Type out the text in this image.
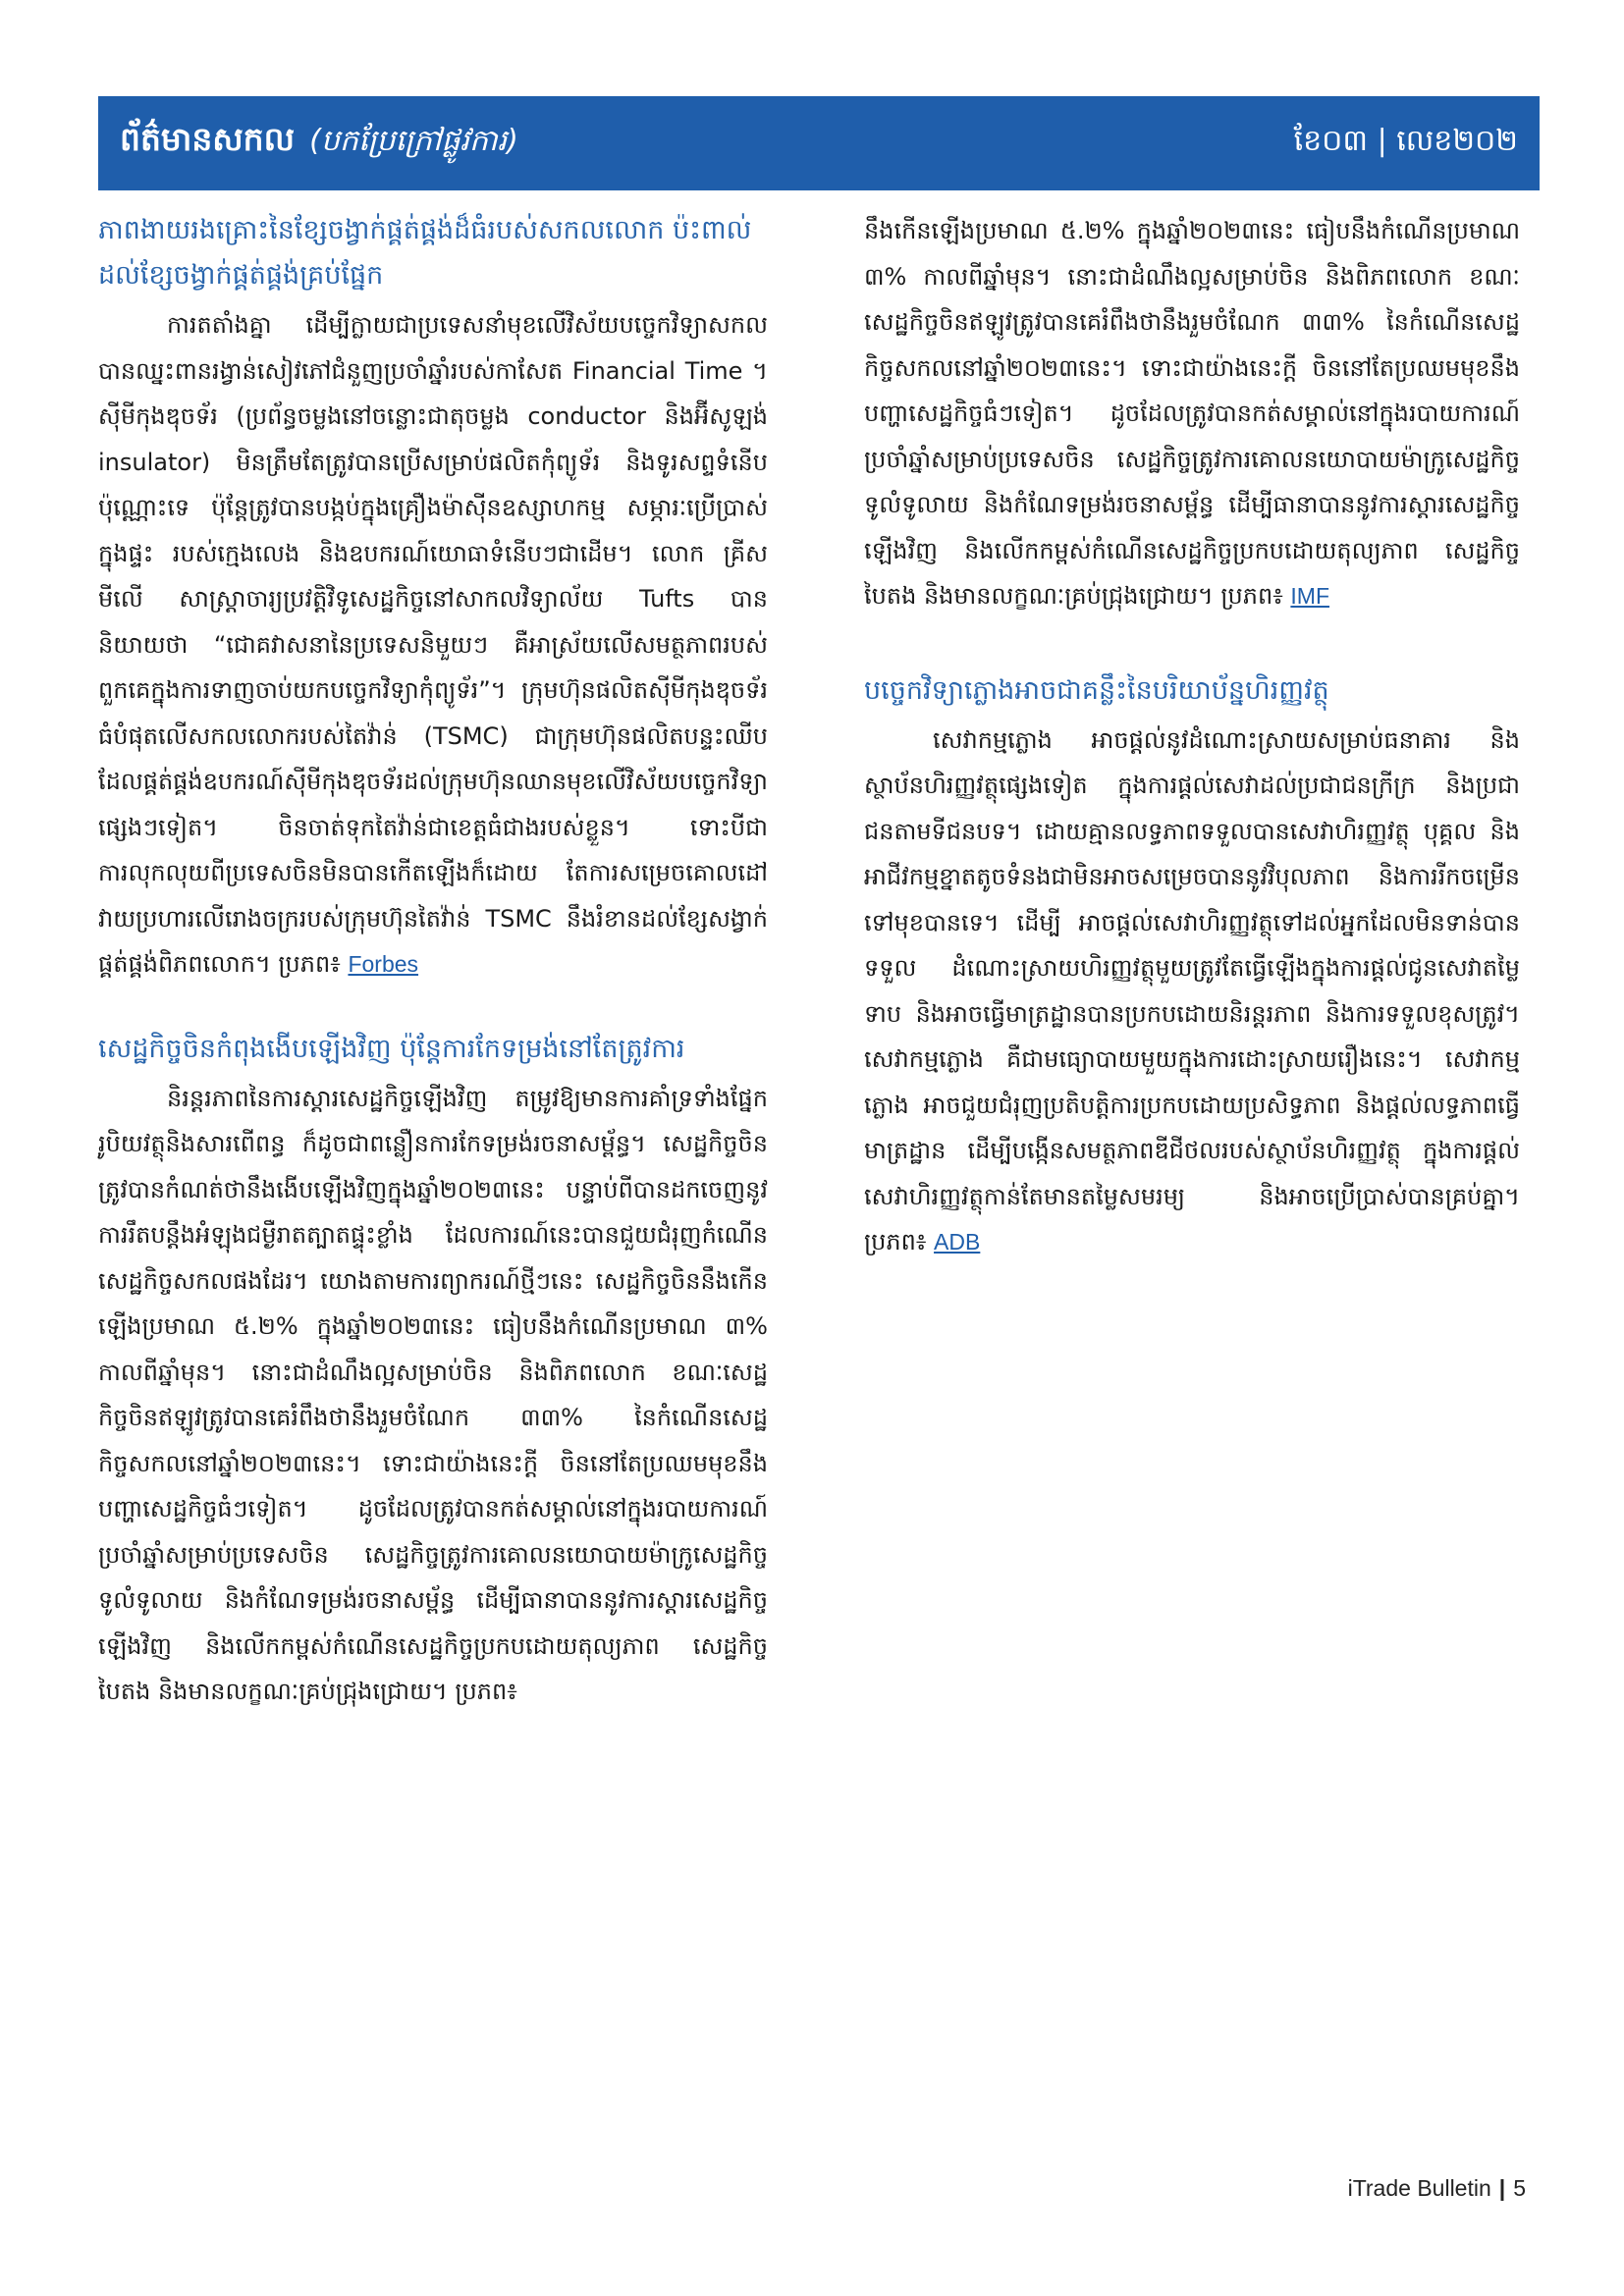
ព័ត៌មានសកល (បកប្រែក្រៅផ្លូវការ)	ខែ០៣ | លេខ២០២
ភាពងាយរងគ្រោះនៃខ្សែចង្វាក់ផ្គត់ផ្គង់ដ៏ធំរបស់សកលលោក ប៉ះពាល់ដល់ខ្សែចង្វាក់ផ្គត់ផ្គង់គ្រប់ផ្នែក

ការតតាំងគ្នា ដើម្បីក្លាយជាប្រទេសនាំមុខលើវិស័យបច្ចេកវិទ្យាសកល បានឈ្នះពានរង្វាន់សៀវភៅជំនួញប្រចាំឆ្នាំរបស់កាសែត Financial Time ។ ស៊ីមីកុងឌុចទ័រ (ប្រព័ន្ធចម្លងនៅចន្លោះជាតុចម្លង conductor និងអ៊ីសូឡង់ insulator) មិនត្រឹមតែត្រូវបានប្រើសម្រាប់ផលិតកុំព្យូទ័រ និងទូរសព្ទទំនើបប៉ុណ្ណោះទេ ប៉ុន្តែត្រូវបានបង្កប់ក្នុងគ្រឿងម៉ាស៊ីនឧស្សាហកម្ម សម្ភារៈប្រើប្រាស់ក្នុងផ្ទះ របស់ក្មេងលេង និងឧបករណ៍យោធាទំនើបៗជាដើម។ លោក គ្រីស មីលើ សាស្ត្រាចារ្យប្រវត្តិវិទូសេដ្ឋកិច្ចនៅសាកលវិទ្យាល័យ Tufts បាននិយាយថា “ជោគវាសនានៃប្រទេសនិមួយៗ គឺអាស្រ័យលើសមត្ថភាពរបស់ពួកគេក្នុងការទាញចាប់យកបច្ចេកវិទ្យាកុំព្យូទ័រ”។ ក្រុមហ៊ុនផលិតស៊ីមីកុងឌុចទ័រធំបំផុតលើសកលលោករបស់តៃវ៉ាន់ (TSMC) ជាក្រុមហ៊ុនផលិតបន្ទះឈីប ដែលផ្គត់ផ្គង់ឧបករណ៍ស៊ីមីកុងឌុចទ័រដល់ក្រុមហ៊ុនឈានមុខលើវិស័យបច្ចេកវិទ្យាផ្សេងៗទៀត។ ចិនចាត់ទុកតៃវ៉ាន់ជាខេត្តធំជាងរបស់ខ្លួន។ ទោះបីជាការលុកលុយពីប្រទេសចិនមិនបានកើតឡើងក៏ដោយ តែការសម្រេចគោលដៅវាយប្រហារលើរោងចក្ររបស់ក្រុមហ៊ុនតៃវ៉ាន់ TSMC នឹងរំខានដល់ខ្សែសង្វាក់ផ្គត់ផ្គង់ពិភពលោក។ ប្រភព៖ Forbes

សេដ្ឋកិច្ចចិនកំពុងងើបឡើងវិញ ប៉ុន្តែការកែទម្រង់នៅតែត្រូវការ

និរន្តរភាពនៃការស្តារសេដ្ឋកិច្ចឡើងវិញ តម្រូវឱ្យមានការគាំទ្រទាំងផ្នែករូបិយវត្ថុនិងសារពើពន្ធ ក៏ដូចជាពន្លឿនការកែទម្រង់រចនាសម្ព័ន្ធ។ សេដ្ឋកិច្ចចិនត្រូវបានកំណត់ថានឹងងើបឡើងវិញក្នុងឆ្នាំ២០២៣នេះ បន្ទាប់ពីបានដកចេញនូវការរឹតបន្តឹងអំឡុងជម្ងឺរាតត្បាតផ្ទុះខ្លាំង ដែលការណ៍នេះបានជួយជំរុញកំណើនសេដ្ឋកិច្ចសកលផងដែរ។ យោងតាមការព្យាករណ៍ថ្មីៗនេះ សេដ្ឋកិច្ចចិននឹងកើនឡើងប្រមាណ ៥.២% ក្នុងឆ្នាំ២០២៣នេះ ធៀបនឹងកំណើនប្រមាណ ៣% កាលពីឆ្នាំមុន។ នោះជាដំណឹងល្អសម្រាប់ចិន និងពិភពលោក ខណៈសេដ្ឋកិច្ចចិនឥឡូវត្រូវបានគេរំពឹងថានឹងរួមចំណែក ៣៣% នៃកំណើនសេដ្ឋកិច្ចសកលនៅឆ្នាំ២០២៣នេះ។ ទោះជាយ៉ាងនេះក្តី ចិននៅតែប្រឈមមុខនឹងបញ្ហាសេដ្ឋកិច្ចធំៗទៀត។ ដូចដែលត្រូវបានកត់សម្គាល់នៅក្នុងរបាយការណ៍ប្រចាំឆ្នាំសម្រាប់ប្រទេសចិន សេដ្ឋកិច្ចត្រូវការគោលនយោបាយម៉ាក្រូសេដ្ឋកិច្ចទូលំទូលាយ និងកំណែទម្រង់រចនាសម្ព័ន្ធ ដើម្បីធានាបាននូវការស្តារសេដ្ឋកិច្ចឡើងវិញ និងលើកកម្ពស់កំណើនសេដ្ឋកិច្ចប្រកបដោយតុល្យភាព សេដ្ឋកិច្ចបៃតង និងមានលក្ខណៈគ្រប់ជ្រុងជ្រោយ។ ប្រភព៖

នឹងកើនឡើងប្រមាណ ៥.២% ក្នុងឆ្នាំ២០២៣នេះ ធៀបនឹងកំណើនប្រមាណ ៣% កាលពីឆ្នាំមុន។ នោះជាដំណឹងល្អសម្រាប់ចិន និងពិភពលោក ខណៈសេដ្ឋកិច្ចចិនឥឡូវត្រូវបានគេរំពឹងថានឹងរួមចំណែក ៣៣% នៃកំណើនសេដ្ឋកិច្ចសកលនៅឆ្នាំ២០២៣នេះ។ ទោះជាយ៉ាងនេះក្តី ចិននៅតែប្រឈមមុខនឹងបញ្ហាសេដ្ឋកិច្ចធំៗទៀត។ ដូចដែលត្រូវបានកត់សម្គាល់នៅក្នុងរបាយការណ៍ប្រចាំឆ្នាំសម្រាប់ប្រទេសចិន សេដ្ឋកិច្ចត្រូវការគោលនយោបាយម៉ាក្រូសេដ្ឋកិច្ចទូលំទូលាយ និងកំណែទម្រង់រចនាសម្ព័ន្ធ ដើម្បីធានាបាននូវការស្តារសេដ្ឋកិច្ចឡើងវិញ និងលើកកម្ពស់កំណើនសេដ្ឋកិច្ចប្រកបដោយតុល្យភាព សេដ្ឋកិច្ចបៃតង និងមានលក្ខណៈគ្រប់ជ្រុងជ្រោយ។ ប្រភព៖ IMF

បច្ចេកវិទ្យាភ្លោងអាចជាគន្លឹះនៃបរិយាប័ន្នហិរញ្ញវត្ថុ

សេវាកម្មភ្លោង អាចផ្តល់នូវដំណោះស្រាយសម្រាប់ធនាគារ និងស្ថាប័នហិរញ្ញវត្ថុផ្សេងទៀត ក្នុងការផ្តល់សេវាដល់ប្រជាជនក្រីក្រ និងប្រជាជនតាមទីជនបទ។ ដោយគ្មានលទ្ធភាពទទួលបានសេវាហិរញ្ញវត្ថុ បុគ្គល និងអាជីវកម្មខ្នាតតូចទំនងជាមិនអាចសម្រេចបាននូវវិបុលភាព និងការរីកចម្រើនទៅមុខបានទេ។ ដើម្បី អាចផ្តល់សេវាហិរញ្ញវត្ថុទៅដល់អ្នកដែលមិនទាន់បានទទួល ដំណោះស្រាយហិរញ្ញវត្ថុមួយត្រូវតែធ្វើឡើងក្នុងការផ្តល់ជូនសេវាតម្លៃទាប និងអាចធ្វើមាត្រដ្ឋានបានប្រកបដោយនិរន្តរភាព និងការទទួលខុសត្រូវ។ សេវាកម្មភ្លោង គឺជាមធ្យោបាយមួយក្នុងការដោះស្រាយរឿងនេះ។ សេវាកម្មភ្លោង អាចជួយជំរុញប្រតិបត្តិការប្រកបដោយប្រសិទ្ធភាព និងផ្តល់លទ្ធភាពធ្វើមាត្រដ្ឋាន ដើម្បីបង្កើនសមត្ថភាពឌីជីថលរបស់ស្ថាប័នហិរញ្ញវត្ថុ ក្នុងការផ្តល់សេវាហិរញ្ញវត្ថុកាន់តែមានតម្លៃសមរម្យ និងអាចប្រើប្រាស់បានគ្រប់គ្នា។ ប្រភព៖ ADB

iTrade Bulletin | 5
